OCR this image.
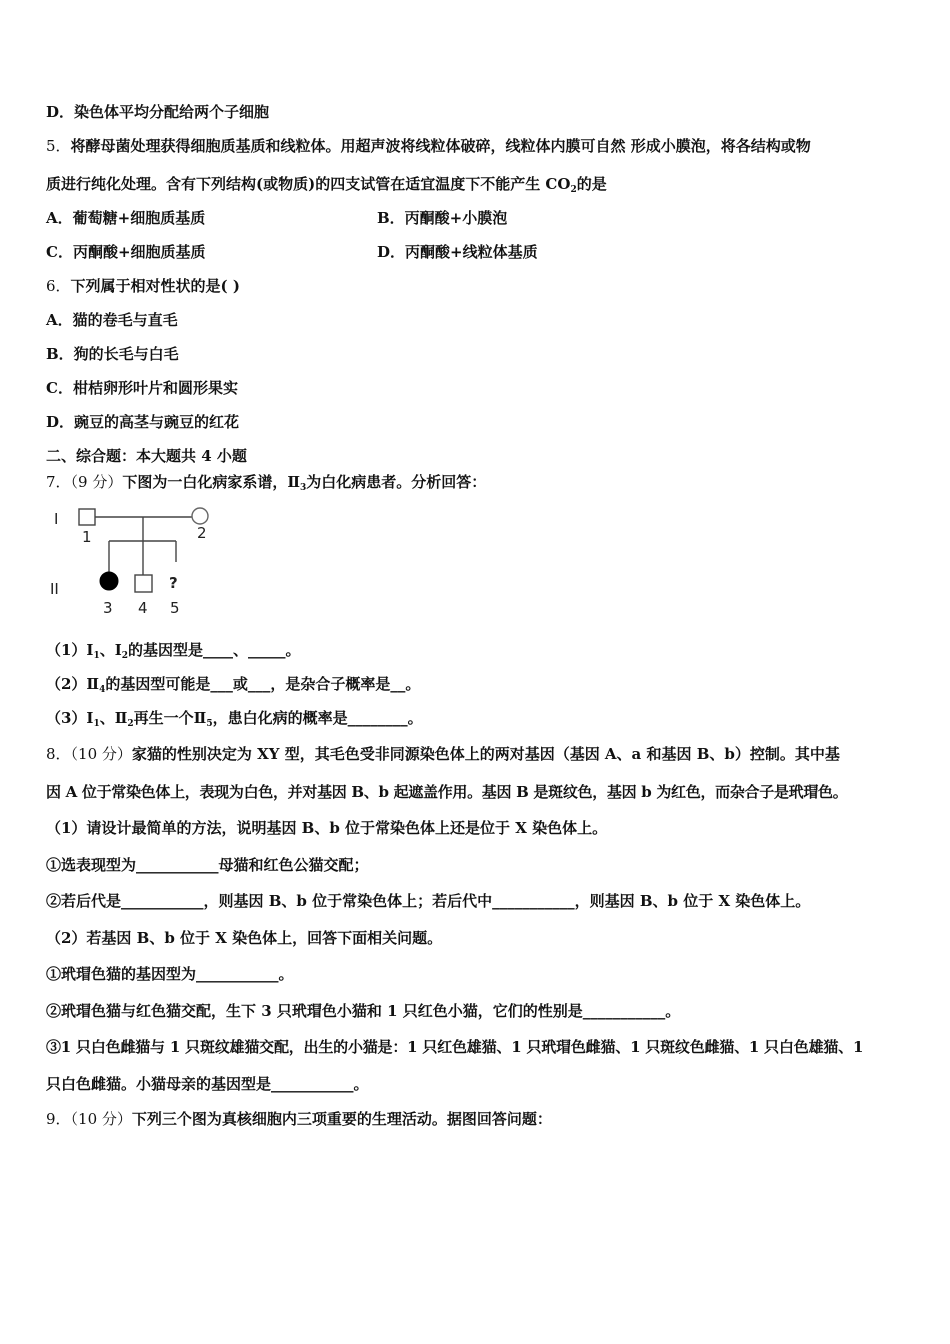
D．染色体平均分配给两个子细胞
5．将酵母菌处理获得细胞质基质和线粒体。用超声波将线粒体破碎，线粒体内膜可自然 形成小膜泡，将各结构或物
质进行纯化处理。含有下列结构(或物质)的四支试管在适宜温度下不能产生 $CO_2$的是
A．葡萄糖+细胞质基质	B．丙酮酸+小膜泡
C．丙酮酸+细胞质基质	D．丙酮酸+线粒体基质
6．下列属于相对性状的是( )
A．猫的卷毛与直毛
B．狗的长毛与白毛
C．柑桔卵形叶片和圆形果实
D．豌豆的高茎与豌豆的红花
二、综合题：本大题共 4 小题
7．（9 分）下图为一白化病家系谱，$Ⅱ_3$为白化病患者。分析回答：
I
II
1	2
?
3 4 5
$(1)Ⅰ_1$、$Ⅰ_2$的基因型是____、_____。
$(2)Ⅱ_4$的基因型可能是___或___，是杂合子概率是__。
$(3)Ⅰ_1$、$Ⅱ_2$再生一个$Ⅱ_5$，患白化病的概率是________。
8．（10 分）家猫的性别决定为 XY 型，其毛色受非同源染色体上的两对基因（基因 A、a 和基因 B、b）控制。其中基
因 A 位于常染色体上，表现为白色，并对基因 B、b 起遮盖作用。基因 B 是斑纹色，基因 b 为红色，而杂合子是玳瑁色。
（1）请设计最简单的方法，说明基因 B、b 位于常染色体上还是位于 X 染色体上。
①选表现型为___________母猫和红色公猫交配；
②若后代是___________，则基因 B、b 位于常染色体上；若后代中___________，则基因 B、b 位于 X 染色体上。
（2）若基因 B、b 位于 X 染色体上，回答下面相关问题。
①玳瑁色猫的基因型为___________。
②玳瑁色猫与红色猫交配，生下 3 只玳瑁色小猫和 1 只红色小猫，它们的性别是___________。
③1 只白色雌猫与 1 只斑纹雄猫交配，出生的小猫是：1 只红色雄猫、1 只玳瑁色雌猫、1 只斑纹色雌猫、1 只白色雄猫、1
只白色雌猫。小猫母亲的基因型是___________。
9．（10 分）下列三个图为真核细胞内三项重要的生理活动。据图回答问题：
